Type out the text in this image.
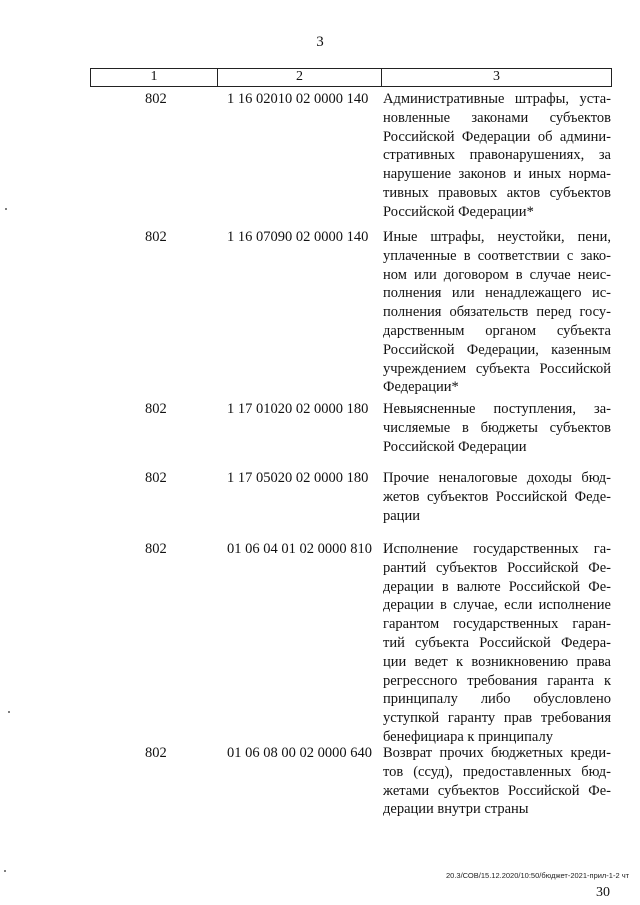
3
1	2	3
802	1 16 02010 02 0000 140	Административные штрафы, уста-
новленные законами субъектов
Российской Федерации об админи-
стративных правонарушениях, за
нарушение законов и иных норма-
тивных правовых актов субъектов
Российской Федерации*
802	1 16 07090 02 0000 140	Иные штрафы, неустойки, пени,
уплаченные в соответствии с зако-
ном или договором в случае неис-
полнения или ненадлежащего ис-
полнения обязательств перед госу-
дарственным органом субъекта
Российской Федерации, казенным
учреждением субъекта Российской
Федерации*
802	1 17 01020 02 0000 180	Невыясненные поступления, за-
числяемые в бюджеты субъектов
Российской Федерации
802	1 17 05020 02 0000 180	Прочие неналоговые доходы бюд-
жетов субъектов Российской Феде-
рации
802	01 06 04 01 02 0000 810 Исполнение государственных га-
рантий субъектов Российской Фе-
дерации в валюте Российской Фе-
дерации в случае, если исполнение
гарантом государственных гаран-
тий субъекта Российской Федера-
ции ведет к возникновению права
регрессного требования гаранта к
принципалу либо обусловлено
уступкой гаранту прав требования
бенефициара к принципалу
802	01 06 08 00 02 0000 640 Возврат прочих бюджетных креди-
тов (ссуд), предоставленных бюд-
жетами субъектов Российской Фе-
дерации внутри страны
20.3/СОВ/15.12.2020/10:50/бюджет-2021-прил-1-2 чт
30
